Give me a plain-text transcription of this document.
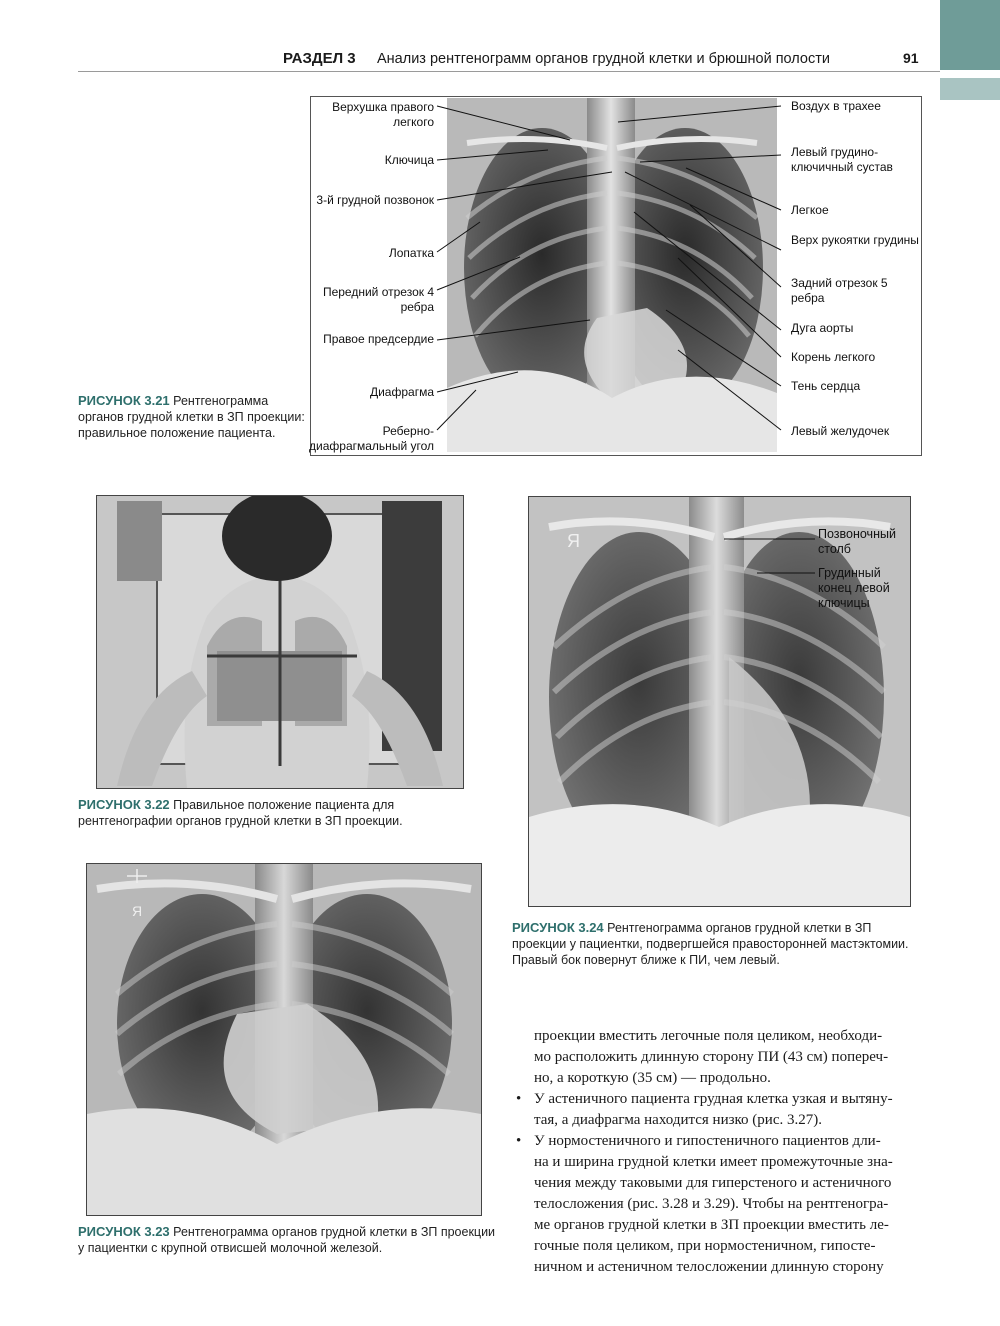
РАЗДЕЛ 3 Анализ рентгенограмм органов грудной клетки и брюшной полости	91
Верхушка правого легкого
Ключица
3-й грудной позвонок
Лопатка
Передний отрезок 4 ребра
Правое предсердие
Диафрагма
Реберно-диафрагмальный угол
Воздух в трахее
Левый грудино-ключичный сустав
Легкое
Верх рукоятки грудины
Задний отрезок 5 ребра
Дуга аорты
Корень легкого
Тень сердца
Левый желудочек
РИСУНОК 3.21 Рентгенограмма органов грудной клетки в ЗП проекции: правильное положение пациента.
РИСУНОК 3.22 Правильное положение пациента для рентгенографии органов грудной клетки в ЗП проекции.
Я	Позвоночный столб
Грудинный конец левой ключицы
РИСУНОК 3.24 Рентгенограмма органов грудной клетки в ЗП проекции у пациентки, подвергшейся правосторонней мастэктомии. Правый бок повернут ближе к ПИ, чем левый.
Я
РИСУНОК 3.23 Рентгенограмма органов грудной клетки в ЗП проекции у пациентки с крупной отвисшей молочной железой.
проекции вместить легочные поля целиком, необходи-
мо расположить длинную сторону ПИ (43 см) попереч-
но, а короткую (35 см) — продольно.
• У астеничного пациента грудная клетка узкая и вытяну-
тая, а диафрагма находится низко (рис. 3.27).
• У нормостеничного и гипостеничного пациентов дли-
на и ширина грудной клетки имеет промежуточные зна-
чения между таковыми для гиперстеного и астеничного
телосложения (рис. 3.28 и 3.29). Чтобы на рентгеногра-
ме органов грудной клетки в ЗП проекции вместить ле-
гочные поля целиком, при нормостеничном, гипосте-
ничном и астеничном телосложении длинную сторону
